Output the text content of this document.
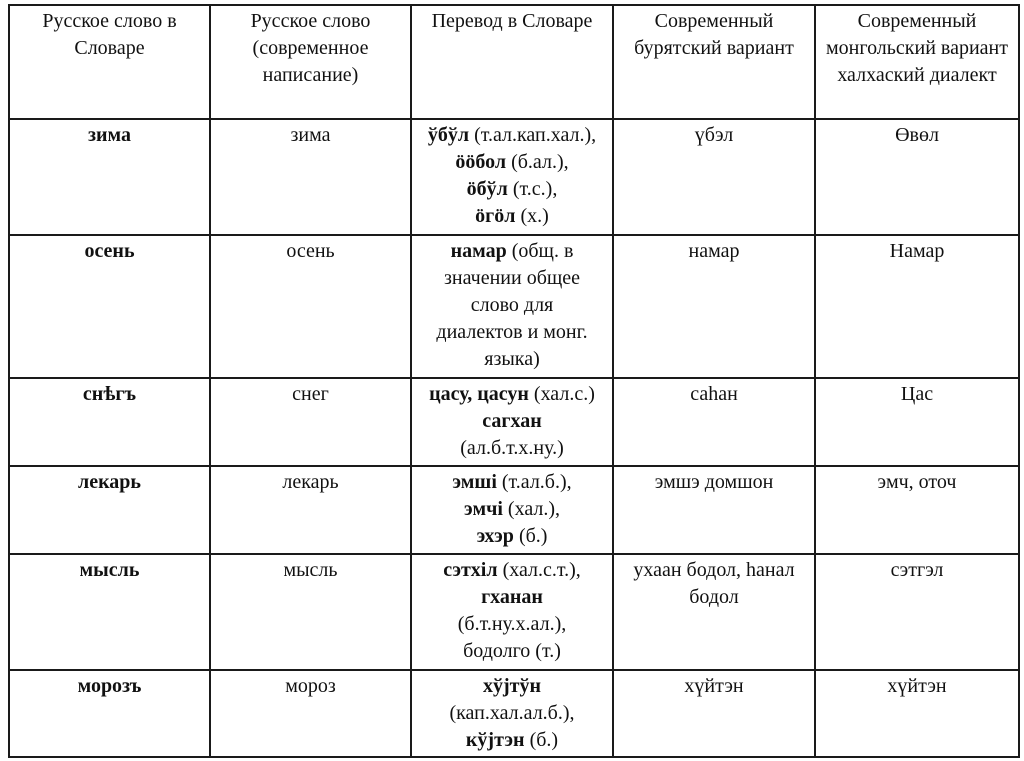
Русское слово в Словаре	Русское слово (современное написание)	Перевод в Словаре	Современный бурятский вариант	Современный монгольский вариант халхаский диалект
зима	зима	ўбўл (т.ал.кап.хал.),
ööбол (б.ал.),
öбўл (т.с.),
öгöл (х.)	үбэл	Өвөл
осень	осень	намар (общ. в
значении общее
слово для
диалектов и монг.
языка)	намар	Намар
снѣгъ	снег	цасу, цасун (хал.с.)
сагхан
(ал.б.т.х.ну.)	саhан	Цас
лекарь	лекарь	эмші (т.ал.б.),
эмчі (хал.),
эхэр (б.)	эмшэ домшон	эмч, оточ
мысль	мысль	сэтхіл (хал.с.т.),
гханан
(б.т.ну.х.ал.),
бодолго (т.)	ухаан бодол, hанал бодол	сэтгэл
морозъ	мороз	хўјтўн
(кап.хал.ал.б.),
кўјтэн (б.)	хүйтэн	хүйтэн
